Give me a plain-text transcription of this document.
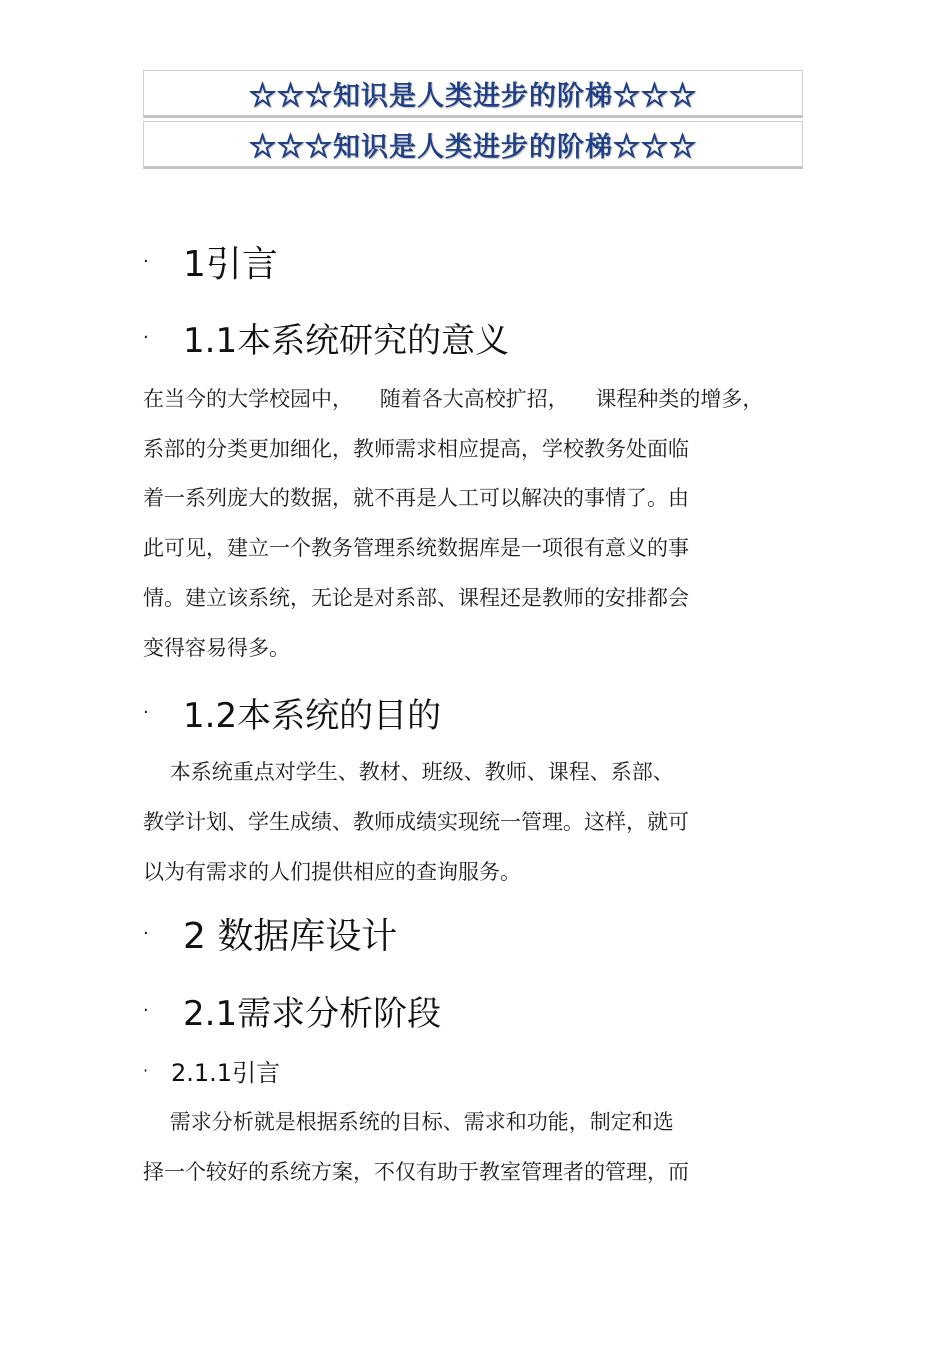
☆☆☆知识是人类进步的阶梯☆☆☆
☆☆☆知识是人类进步的阶梯☆☆☆
· 1引言
·	1.1本系统研究的意义
在当今的大学校园中，    随着各大高校扩招，    课程种类的增多，
系部的分类更加细化，教师需求相应提高，学校教务处面临
着一系列庞大的数据，就不再是人工可以解决的事情了。由
此可见，建立一个教务管理系统数据库是一项很有意义的事
情。建立该系统，无论是对系部、课程还是教师的安排都会
变得容易得多。
·	1.2本系统的目的
本系统重点对学生、教材、班级、教师、课程、系部、
教学计划、学生成绩、教师成绩实现统一管理。这样，就可
以为有需求的人们提供相应的查询服务。
· 2 数据库设计
·	2.1需求分析阶段
· 2.1.1引言
需求分析就是根据系统的目标、需求和功能，制定和选
择一个较好的系统方案，不仅有助于教室管理者的管理，而
